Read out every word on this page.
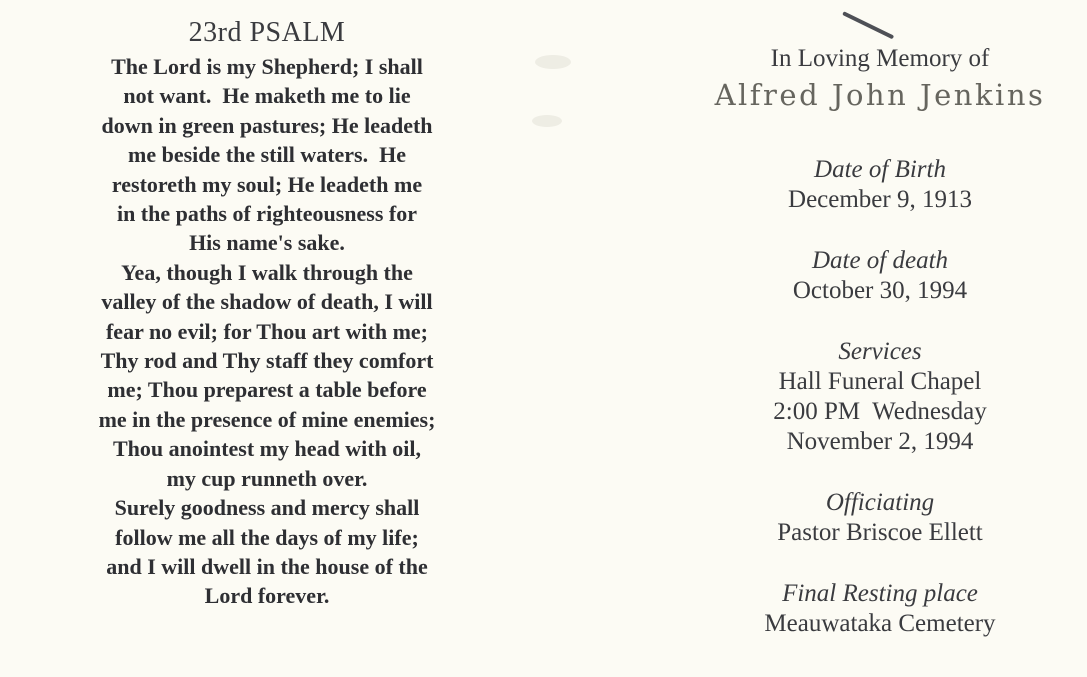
23rd PSALM
The Lord is my Shepherd; I shall
not want.  He maketh me to lie
down in green pastures; He leadeth
me beside the still waters.  He
restoreth my soul; He leadeth me
in the paths of righteousness for
His name's sake.
Yea, though I walk through the
valley of the shadow of death, I will
fear no evil; for Thou art with me;
Thy rod and Thy staff they comfort
me; Thou preparest a table before
me in the presence of mine enemies;
Thou anointest my head with oil,
my cup runneth over.
Surely goodness and mercy shall
follow me all the days of my life;
and I will dwell in the house of the
Lord forever.
In Loving Memory of
Alfred John Jenkins
Date of Birth
December 9, 1913
Date of death
October 30, 1994
Services
Hall Funeral Chapel
2:00 PM  Wednesday
November 2, 1994
Officiating
Pastor Briscoe Ellett
Final Resting place
Meauwataka Cemetery
